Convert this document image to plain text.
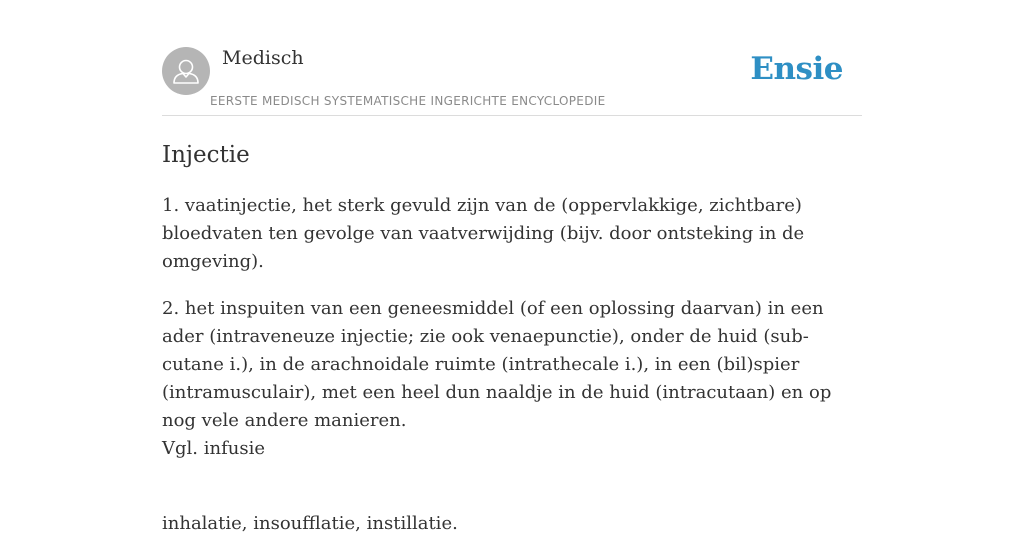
Medisch
EERSTE MEDISCH SYSTEMATISCHE INGERICHTE ENCYCLOPEDIE
Ensie
Injectie

1. vaatinjectie, het sterk gevuld zijn van de (oppervlakkige, zichtbare) bloedvaten ten gevolge van vaatverwijding (bijv. door ontsteking in de omgeving).

2. het inspuiten van een geneesmiddel (of een oplossing daarvan) in een ader (intraveneuze injectie; zie ook venaepunctie), onder de huid (sub-cutane i.), in de arachnoidale ruimte (intrathecale i.), in een (bil)spier (intramusculair), met een heel dun naaldje in de huid (intracutaan) en op nog vele andere manieren.
Vgl. infusie

inhalatie, insoufflatie, instillatie.
